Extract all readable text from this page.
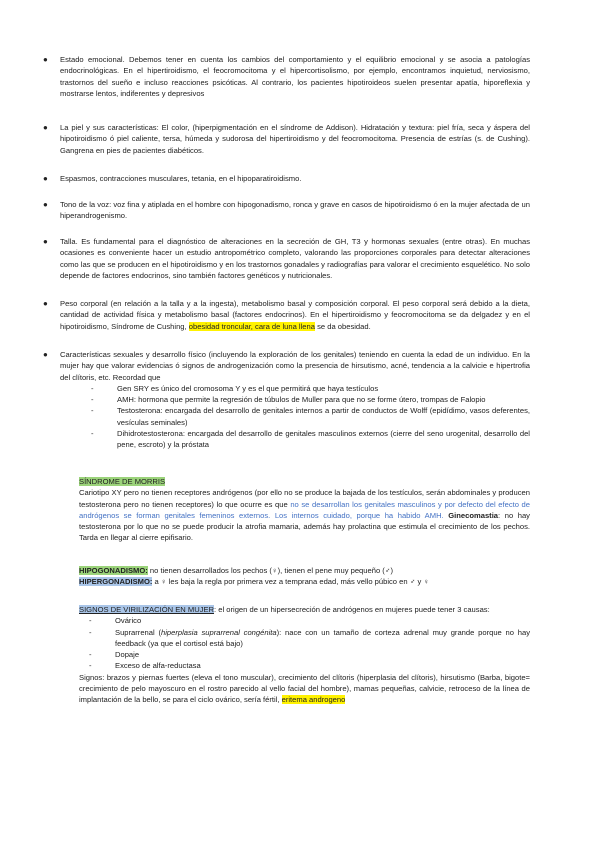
● Estado emocional. Debemos tener en cuenta los cambios del comportamiento y el equilibrio emocional y se asocia a patologías endocrinológicas. En el hipertiroidismo, el feocromocitoma y el hipercortisolismo, por ejemplo, encontramos inquietud, nerviosismo, trastornos del sueño e incluso reacciones psicóticas. Al contrario, los pacientes hipotiroideos suelen presentar apatía, hiporeflexia y mostrarse lentos, indiferentes y depresivos
● La piel y sus características: El color, (hiperpigmentación en el síndrome de Addison). Hidratación y textura: piel fría, seca y áspera del hipotiroidismo ó piel caliente, tersa, húmeda y sudorosa del hipertiroidismo y del feocromocitoma. Presencia de estrías (s. de Cushing). Gangrena en pies de pacientes diabéticos.
● Espasmos, contracciones musculares, tetania, en el hipoparatiroidismo.
● Tono de la voz: voz fina y atiplada en el hombre con hipogonadismo, ronca y grave en casos de hipotiroidismo ó en la mujer afectada de un hiperandrogenismo.
● Talla. Es fundamental para el diagnóstico de alteraciones en la secreción de GH, T3 y hormonas sexuales (entre otras). En muchas ocasiones es conveniente hacer un estudio antropométrico completo, valorando las proporciones corporales para detectar alteraciones como las que se producen en el hipotiroidismo y en los trastornos gonadales y radiografías para valorar el crecimiento esquelético. No solo depende de factores endocrinos, sino también factores genéticos y nutricionales.
● Peso corporal (en relación a la talla y a la ingesta), metabolismo basal y composición corporal. El peso corporal será debido a la dieta, cantidad de actividad física y metabolismo basal (factores endocrinos). En el hipertiroidismo y feocromocitoma se da delgadez y en el hipotiroidismo, Síndrome de Cushing, obesidad troncular, cara de luna llena se da obesidad.
● Características sexuales y desarrollo físico (incluyendo la exploración de los genitales) teniendo en cuenta la edad de un individuo. En la mujer hay que valorar evidencias ó signos de androgenización como la presencia de hirsutismo, acné, tendencia a la calvicie e hipertrofia del clítoris, etc. Recordad que
-	Gen SRY es único del cromosoma Y y es el que permitirá que haya testículos
-	AMH: hormona que permite la regresión de túbulos de Muller para que no se forme útero, trompas de Falopio
-	Testosterona: encargada del desarrollo de genitales internos a partir de conductos de Wolff (epidídimo, vasos deferentes, vesículas seminales)
-	Dihidrotestosterona: encargada del desarrollo de genitales masculinos externos (cierre del seno urogenital, desarrollo del pene, escroto) y la próstata
SÍNDROME DE MORRIS
Cariotipo XY pero no tienen receptores andrógenos (por ello no se produce la bajada de los testículos, serán abdominales y producen testosterona pero no tienen receptores) lo que ocurre es que no se desarrollan los genitales masculinos y por defecto del efecto de andrógenos se forman genitales femeninos externos. Los internos cuidado, porque ha habido AMH. Ginecomastia: no hay testosterona por lo que no se puede producir la atrofia mamaria, además hay prolactina que estimula el crecimiento de los pechos. Tarda en llegar al cierre epifisario.
HIPOGONADISMO: no tienen desarrollados los pechos (♀), tienen el pene muy pequeño (♂)
HIPERGONADISMO: a ♀ les baja la regla por primera vez a temprana edad, más vello púbico en ♂ y ♀
SIGNOS DE VIRILIZACIÓN EN MUJER: el origen de un hipersecreción de andrógenos en mujeres puede tener 3 causas:
-	Ovárico
-	Suprarrenal (hiperplasia suprarrenal congénita): nace con un tamaño de corteza adrenal muy grande porque no hay feedback (ya que el cortisol está bajo)
-	Dopaje
-	Exceso de alfa-reductasa
Signos: brazos y piernas fuertes (eleva el tono muscular), crecimiento del clítoris (hiperplasia del clítoris), hirsutismo (Barba, bigote= crecimiento de pelo mayoscuro en el rostro parecido al vello facial del hombre), mamas pequeñas, calvicie, retroceso de la línea de implantación de la bello, se para el ciclo ovárico, sería fértil, eritema androgeno
